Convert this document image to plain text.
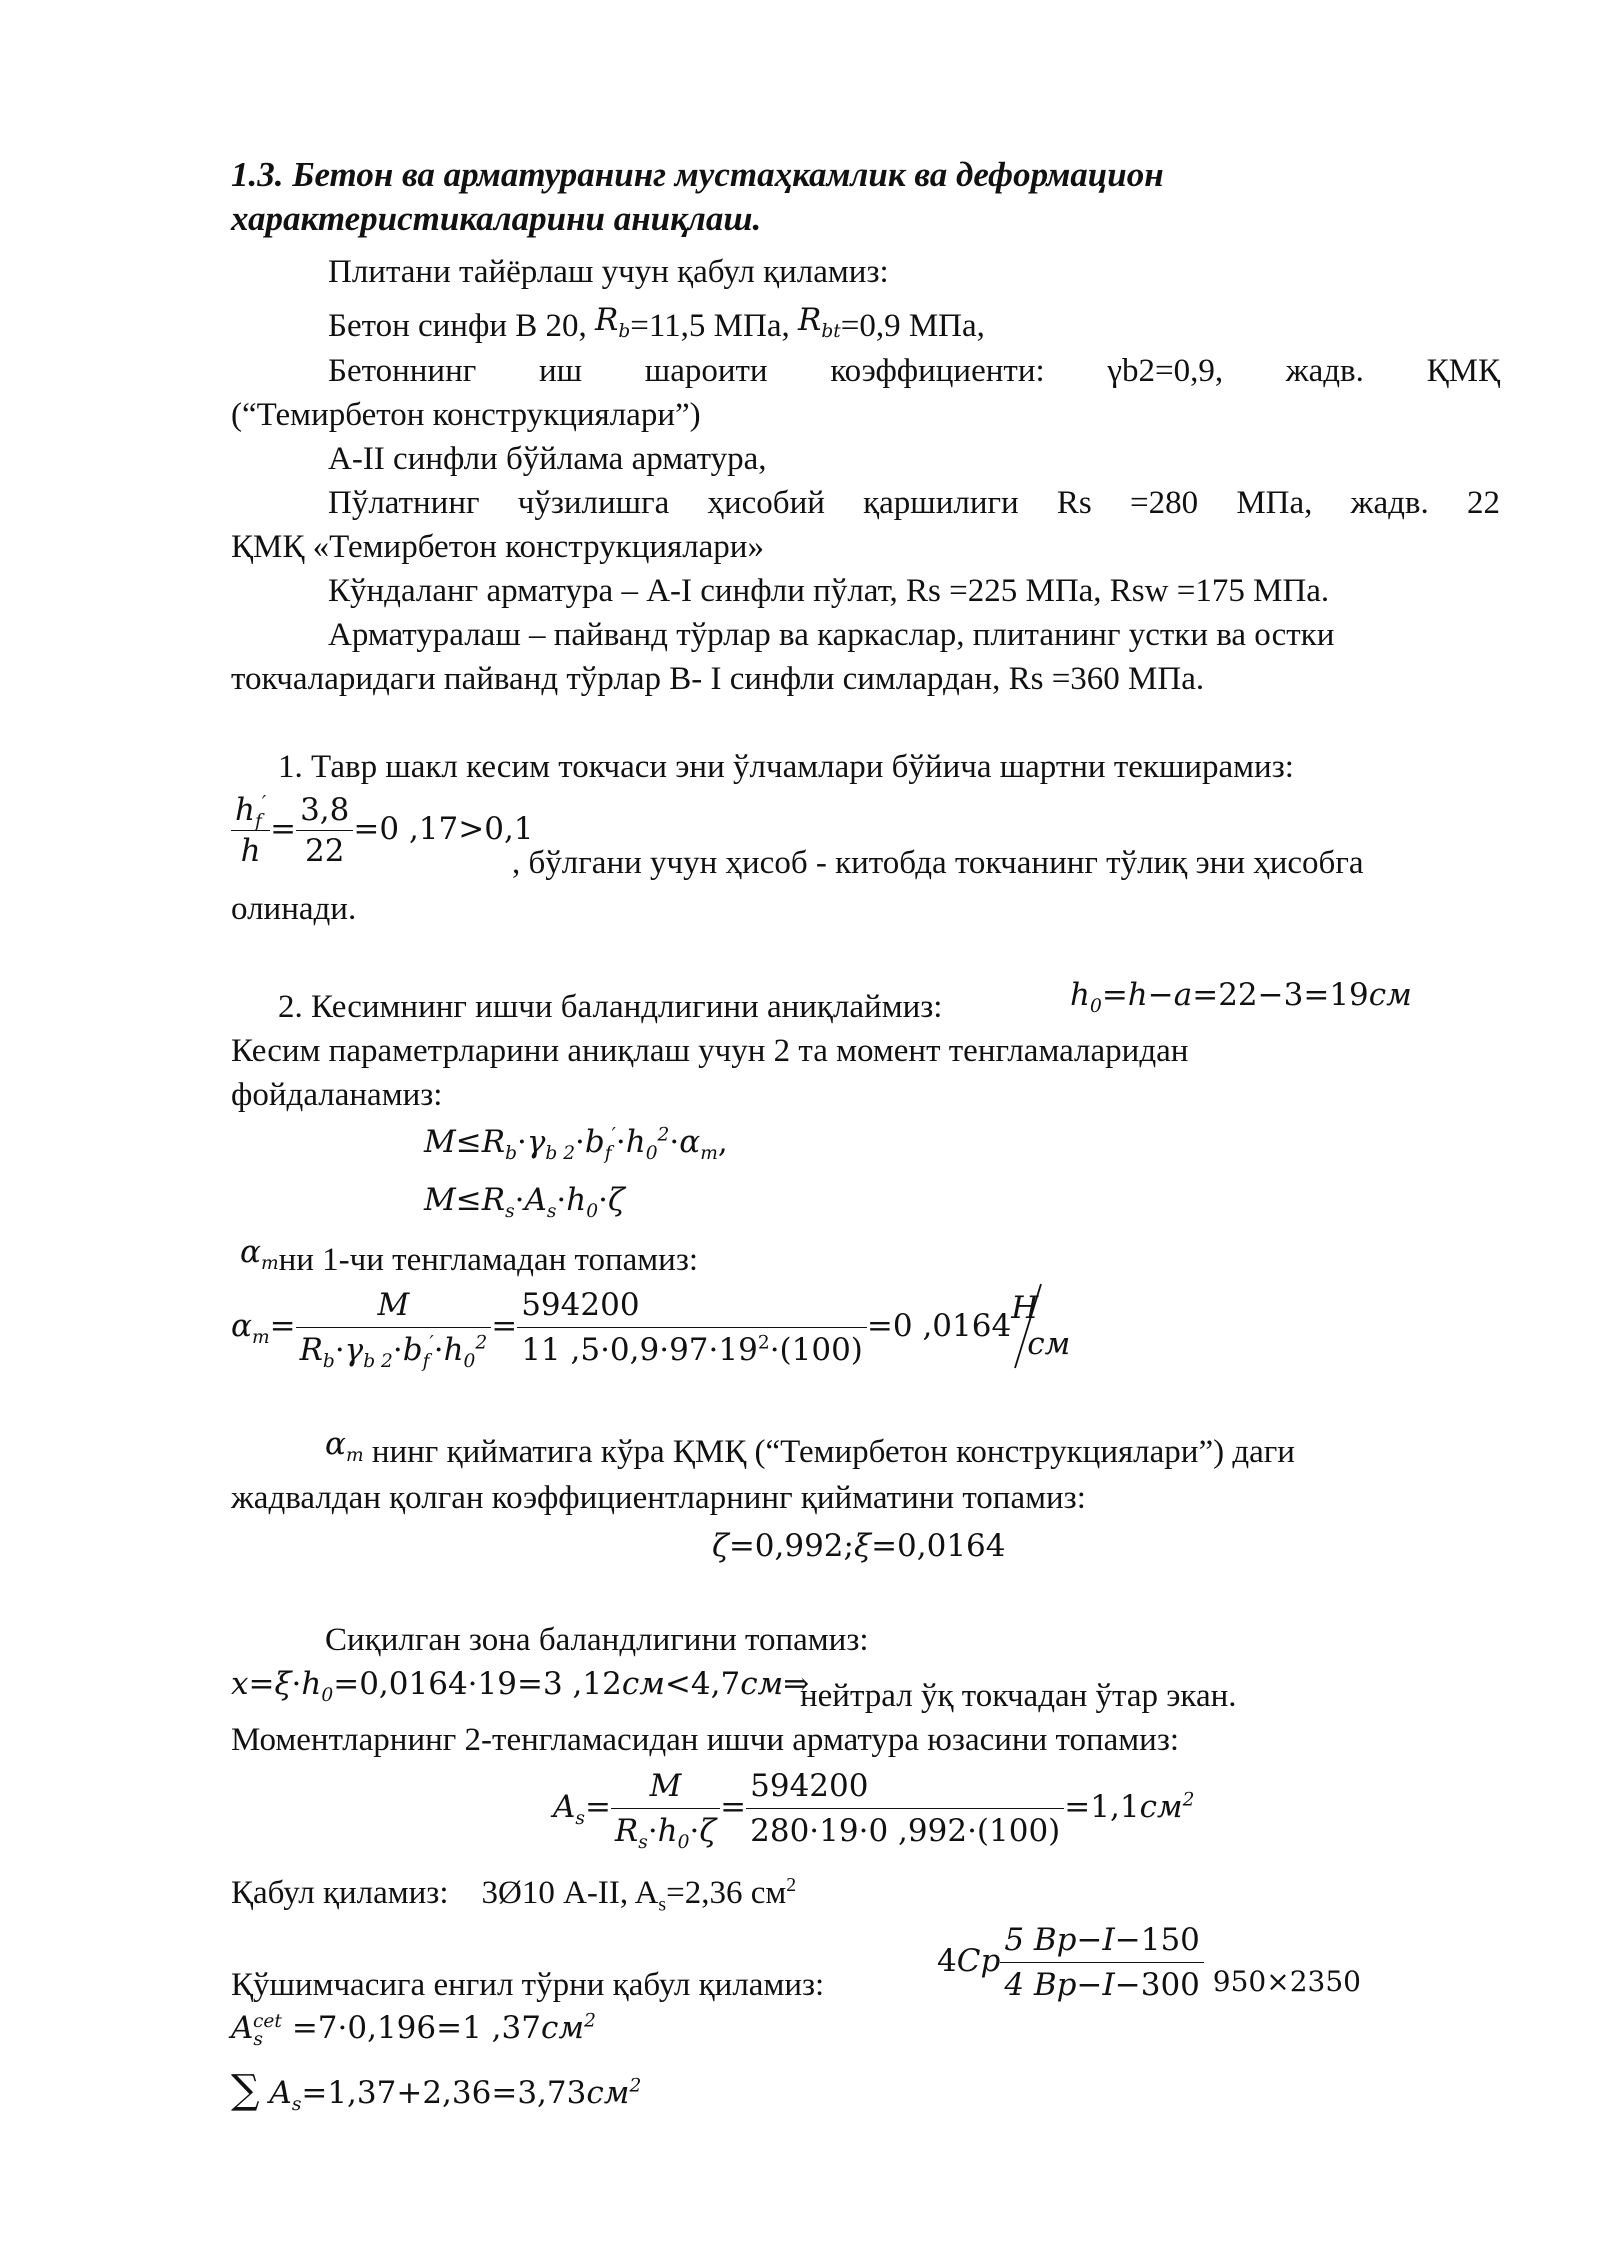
1.3. Бетон ва арматуранинг мустаҳкамлик ва деформацион
характеристикаларини аниқлаш.
Плитани тайёрлаш учун қабул қиламиз:
Бетон синфи В 20, $R_b=11,5$ МПа, $R_{bt}=0,9$ МПа,
Бетоннинг иш шароити коэффициенти: γb2=0,9, жадв. ҚМҚ
(“Темирбетон конструкциялари”)
А-II синфли бўйлама арматура,
Пўлатнинг чўзилишга ҳисобий қаршилиги Rs =280 МПа, жадв. 22
ҚМҚ «Темирбетон конструкциялари»
Кўндаланг арматура – А-I синфли пўлат, Rs =225 МПа, Rsw =175 МПа.
Арматуралаш – пайванд тўрлар ва каркаслар, плитанинг устки ва остки
токчаларидаги пайванд тўрлар В- I синфли симлардан, Rs =360 МПа.
1. Тавр шакл кесим токчаси эни ўлчамлари бўйича шартни текширамиз:
$\frac{h_f'}{h} = \frac{3,8}{22} =0$ ,17>0,1
, бўлгани учун ҳисоб - китобда токчанинг тўлиқ эни ҳисобга
олинади.
2. Кесимнинг ишчи баландлигини аниқлаймиз:	$h_0=h-a=22-3=19см$
Кесим параметрларини аниқлаш учун 2 та момент тенгламаларидан
фойдаланамиз:
$M\le R_b\cdot\gamma_{b 2}\cdot b_f'\cdot h_0^2\cdot\alpha_m$,
$M\le R_s\cdot A_s\cdot h_0\cdot\zeta$
$\alpha_mни$ 1-чи тенгламадан топамиз:
$\alpha_m= \frac{M}{R_b\cdot\gamma_{b 2}\cdot b_f'\cdot h_0^2} = \frac{594200}{11 ,5\cdot 0,9\cdot 97\cdot 19^2\cdot(100)} =0$ ,0164
Н
см
$\alpha_m$ нинг қийматига кўра ҚМҚ (“Темирбетон конструкциялари”) даги
жадвалдан қолган коэффициентларнинг қийматини топамиз:
ζ=0,992;ξ=0,0164
Сиқилган зона баландлигини топамиз:
$x=\xi\cdot h_0=0,0164\cdot 19=3$ ,12см<4,7см⇒
нейтрал ўқ токчадан ўтар экан.
Моментларнинг 2-тенгламасидан ишчи арматура юзасини топамиз:
$A_s= \frac{M}{R_s\cdot h_0\cdot\zeta} = \frac{594200}{280\cdot 19\cdot 0 ,992\cdot(100)} =1,1см^2$
Қабул қиламиз:    3Ø10 А-II, $A_s=2,36$ $см^2$
$4Ср \frac{5 Вр-I-150}{4 Вр-I-300} 950\times 2350$
Қўшимчасига енгил тўрни қабул қиламиз:
$A_s^{cet} =7\cdot 0,196=1$ $,37см^2$
∑ $A_s=1,37+2,36=3,73см^2$
